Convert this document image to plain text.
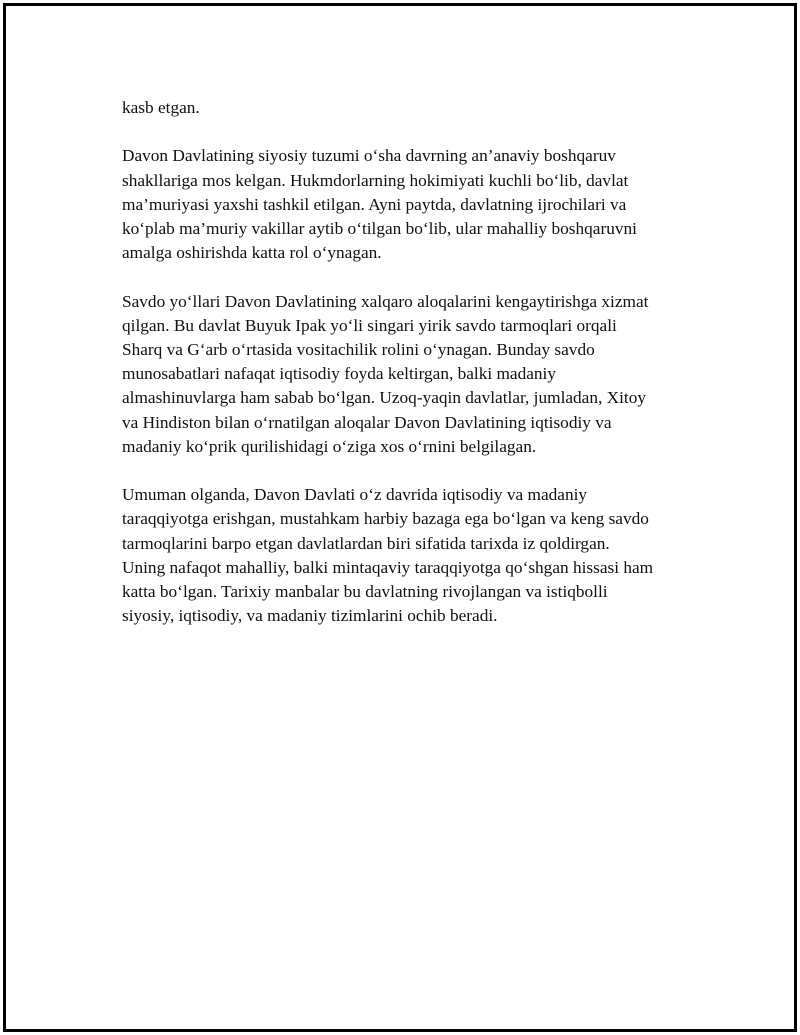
kasb etgan.

Davon Davlatining siyosiy tuzumi o‘sha davrning an’anaviy boshqaruv
shakllariga mos kelgan. Hukmdorlarning hokimiyati kuchli bo‘lib, davlat
ma’muriyasi yaxshi tashkil etilgan. Ayni paytda, davlatning ijrochilari va
ko‘plab ma’muriy vakillar aytib o‘tilgan bo‘lib, ular mahalliy boshqaruvni
amalga oshirishda katta rol o‘ynagan.

Savdo yo‘llari Davon Davlatining xalqaro aloqalarini kengaytirishga xizmat
qilgan. Bu davlat Buyuk Ipak yo‘li singari yirik savdo tarmoqlari orqali
Sharq va G‘arb o‘rtasida vositachilik rolini o‘ynagan. Bunday savdo
munosabatlari nafaqat iqtisodiy foyda keltirgan, balki madaniy
almashinuvlarga ham sabab bo‘lgan. Uzoq-yaqin davlatlar, jumladan, Xitoy
va Hindiston bilan o‘rnatilgan aloqalar Davon Davlatining iqtisodiy va
madaniy ko‘prik qurilishidagi o‘ziga xos o‘rnini belgilagan.

Umuman olganda, Davon Davlati o‘z davrida iqtisodiy va madaniy
taraqqiyotga erishgan, mustahkam harbiy bazaga ega bo‘lgan va keng savdo
tarmoqlarini barpo etgan davlatlardan biri sifatida tarixda iz qoldirgan.
Uning nafaqot mahalliy, balki mintaqaviy taraqqiyotga qo‘shgan hissasi ham
katta bo‘lgan. Tarixiy manbalar bu davlatning rivojlangan va istiqbolli
siyosiy, iqtisodiy, va madaniy tizimlarini ochib beradi.
